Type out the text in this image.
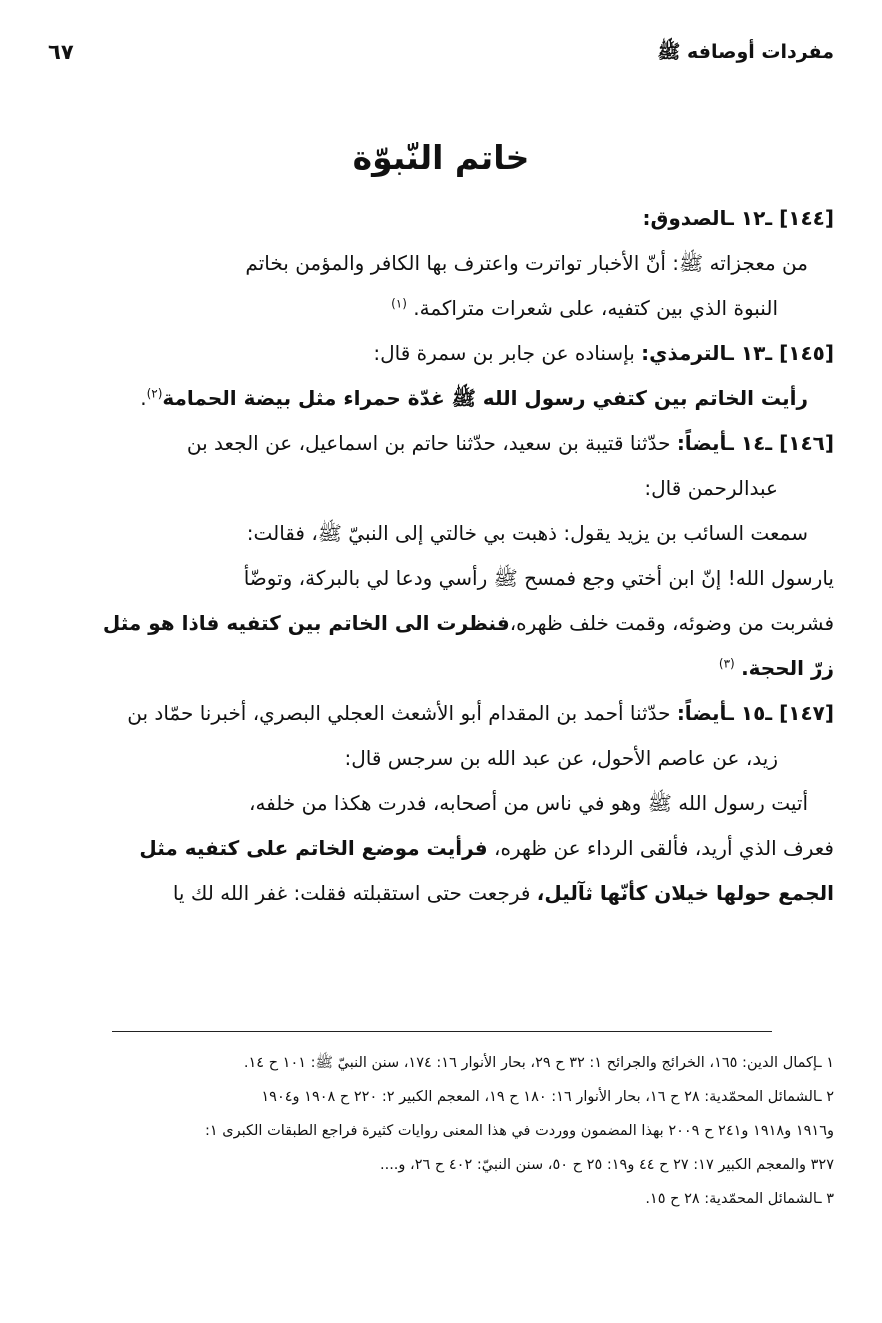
مفردات أوصافه ﷺ
٦٧
خاتم النّبوّة

[١٤٤] ـ١٢ ـالصدوق:

من معجزاته ﷺ: أنّ الأخبار تواترت واعترف بها الكافر والمؤمن بخاتم

النبوة الذي بين كتفيه، على شعرات متراكمة. $^{(١)}$

[١٤٥] ـ١٣ ـالترمذي: بإسناده عن جابر بن سمرة قال:

رأيت الخاتم بين كتفي رسول الله ﷺ غدّة حمراء مثل بيضة الحمامة$^{(٢)}$.

[١٤٦] ـ١٤ ـأيضاً: حدّثنا قتيبة بن سعيد، حدّثنا حاتم بن اسماعيل، عن الجعد بن

عبدالرحمن قال:

سمعت السائب بن يزيد يقول: ذهبت بي خالتي إلى النبيّ ﷺ، فقالت:

يارسول الله! إنّ ابن أختي وجع فمسح ﷺ رأسي ودعا لي بالبركة، وتوضّأ

فشربت من وضوئه، وقمت خلف ظهره،فنظرت الى الخاتم بين كتفيه فاذا هو مثل

زرّ الحجة. $^{(٣)}$

[١٤٧] ـ١٥ ـأيضاً: حدّثنا أحمد بن المقدام أبو الأشعث العجلي البصري، أخبرنا حمّاد بن

زيد، عن عاصم الأحول، عن عبد الله بن سرجس قال:

أتيت رسول الله ﷺ وهو في ناس من أصحابه، فدرت هكذا من خلفه،

فعرف الذي أريد، فألقى الرداء عن ظهره، فرأيت موضع الخاتم على كتفيه مثل

الجمع حولها خيلان كأنّها ثآليل، فرجعت حتى استقبلته فقلت: غفر الله لك يا

١ ـإكمال الدين: ١٦٥، الخرائج والجرائح ١: ٣٢ ح ٢٩، بحار الأنوار ١٦: ١٧٤، سنن النبيّ ﷺ: ١٠١ ح ١٤.

٢ ـالشمائل المحمّدية: ٢٨ ح ١٦، بحار الأنوار ١٦: ١٨٠ ح ١٩، المعجم الكبير ٢: ٢٢٠ ح ١٩٠٨ و١٩٠٤

و١٩١٦ و١٩١٨ و٢٤١ ح ٢٠٠٩ بهذا المضمون ووردت في هذا المعنى روايات كثيرة فراجع الطبقات الكبرى ١:

٣٢٧ والمعجم الكبير ١٧: ٢٧ ح ٤٤ و١٩: ٢٥ ح ٥٠، سنن النبيّ: ٤٠٢ ح ٢٦، و....

٣ ـالشمائل المحمّدية: ٢٨ ح ١٥.
